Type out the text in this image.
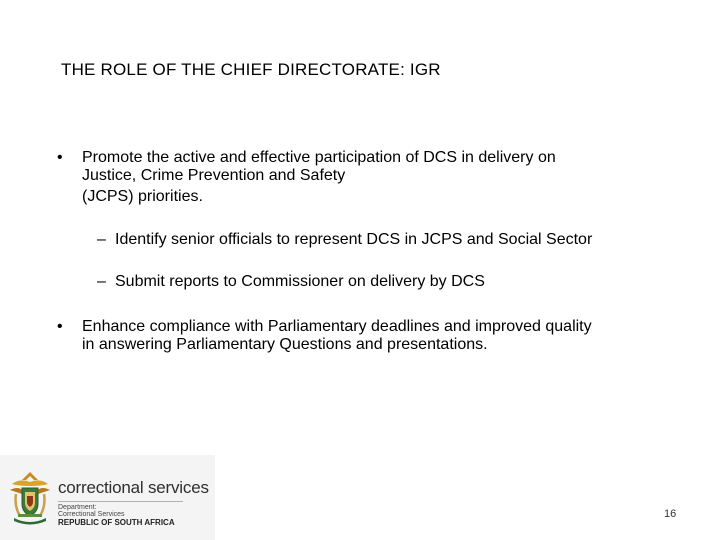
THE ROLE OF THE CHIEF DIRECTORATE: IGR
• Promote the active and effective participation of DCS in delivery on
Justice, Crime Prevention and Safety
(JCPS) priorities.
– Identify senior officials to represent DCS in JCPS and Social Sector
– Submit reports to Commissioner on delivery by DCS
• Enhance compliance with Parliamentary deadlines and improved quality
in answering Parliamentary Questions and presentations.
correctional services
Department:
Correctional Services
REPUBLIC OF SOUTH AFRICA
16
